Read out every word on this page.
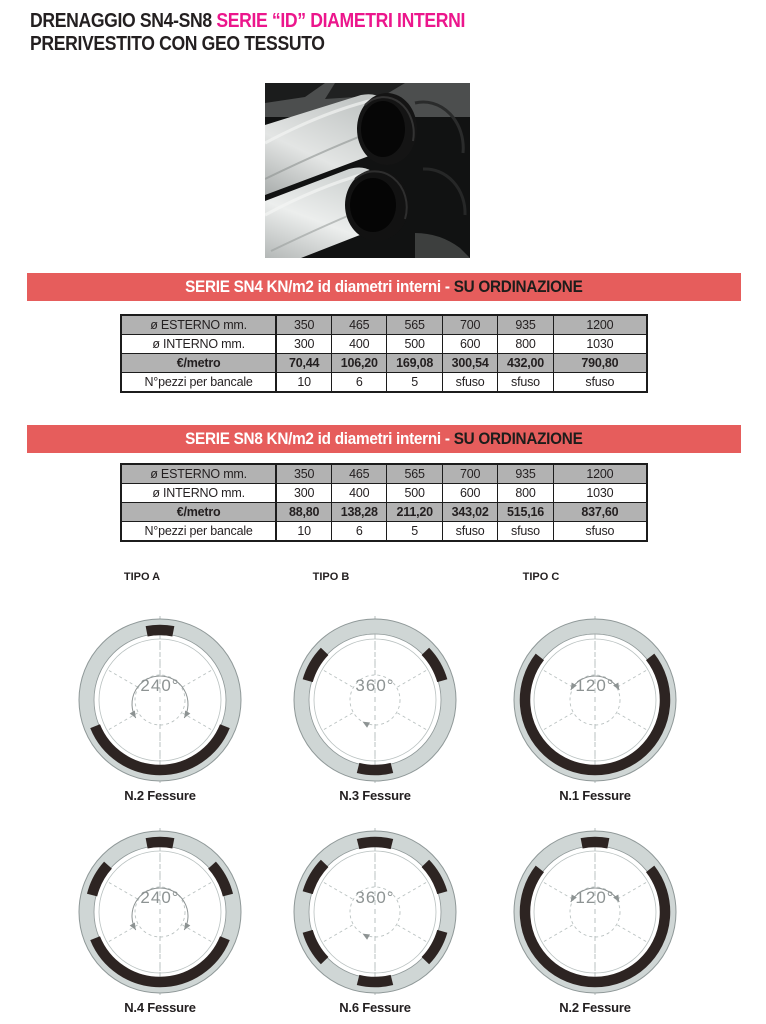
DRENAGGIO SN4-SN8 SERIE “ID” DIAMETRI INTERNI
PRERIVESTITO CON GEO TESSUTO
SERIE SN4 KN/m2 id diametri interni - SU ORDINAZIONE
ø ESTERNO mm.	350	465	565	700	935	1200
ø INTERNO mm.	300	400	500	600	800	1030
€/metro	70,44	106,20	169,08	300,54	432,00	790,80
N°pezzi per bancale	10	6	5	sfuso	sfuso	sfuso
SERIE SN8 KN/m2 id diametri interni - SU ORDINAZIONE
ø ESTERNO mm.	350	465	565	700	935	1200
ø INTERNO mm.	300	400	500	600	800	1030
€/metro	88,80	138,28	211,20	343,02	515,16	837,60
N°pezzi per bancale	10	6	5	sfuso	sfuso	sfuso
TIPO A	TIPO B	TIPO C
240°	360°	120°
N.2 Fessure	N.3 Fessure	N.1 Fessure
240°	360°	120°
N.4 Fessure	N.6 Fessure	N.2 Fessure
